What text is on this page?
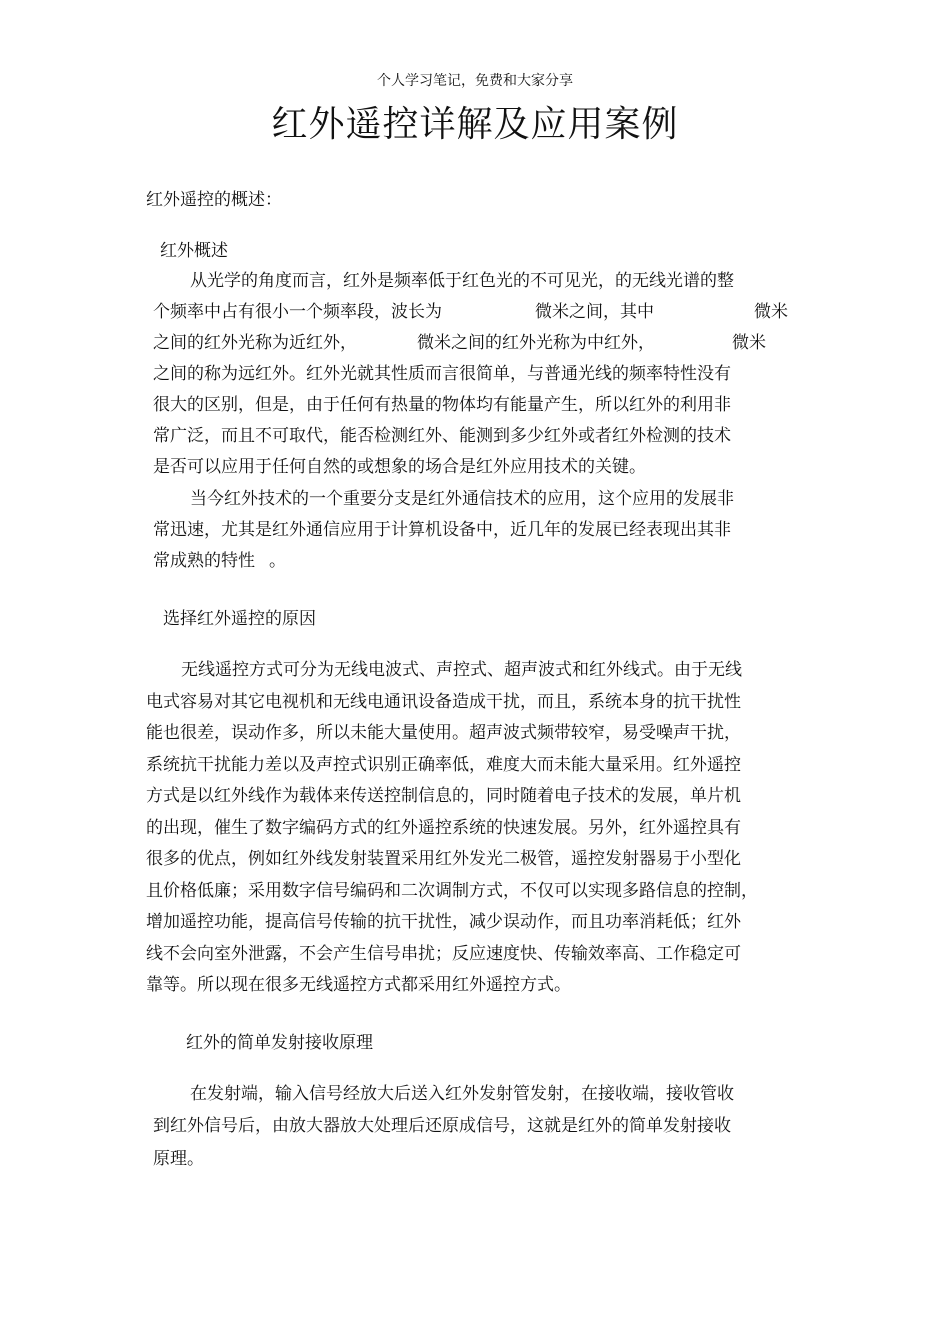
个人学习笔记，免费和大家分享
红外遥控详解及应用案例
红外遥控的概述：
红外概述
从光学的角度而言，红外是频率低于红色光的不可见光，的无线光谱的整
个频率中占有很小一个频率段，波长为	微米之间，其中	微米
之间的红外光称为近红外，	微米之间的红外光称为中红外，	微米
之间的称为远红外。红外光就其性质而言很简单，与普通光线的频率特性没有
很大的区别，但是，由于任何有热量的物体均有能量产生，所以红外的利用非
常广泛，而且不可取代，能否检测红外、能测到多少红外或者红外检测的技术
是否可以应用于任何自然的或想象的场合是红外应用技术的关键。
当今红外技术的一个重要分支是红外通信技术的应用，这个应用的发展非
常迅速，尤其是红外通信应用于计算机设备中，近几年的发展已经表现出其非
常成熟的特性 。
选择红外遥控的原因
无线遥控方式可分为无线电波式、声控式、超声波式和红外线式。由于无线
电式容易对其它电视机和无线电通讯设备造成干扰，而且，系统本身的抗干扰性
能也很差，误动作多，所以未能大量使用。超声波式频带较窄，易受噪声干扰，
系统抗干扰能力差以及声控式识别正确率低，难度大而未能大量采用。红外遥控
方式是以红外线作为载体来传送控制信息的，同时随着电子技术的发展，单片机
的出现，催生了数字编码方式的红外遥控系统的快速发展。另外，红外遥控具有
很多的优点，例如红外线发射装置采用红外发光二极管，遥控发射器易于小型化
且价格低廉；采用数字信号编码和二次调制方式，不仅可以实现多路信息的控制，
增加遥控功能，提高信号传输的抗干扰性，减少误动作，而且功率消耗低；红外
线不会向室外泄露，不会产生信号串扰；反应速度快、传输效率高、工作稳定可
靠等。所以现在很多无线遥控方式都采用红外遥控方式。
红外的简单发射接收原理
在发射端，输入信号经放大后送入红外发射管发射，在接收端，接收管收
到红外信号后，由放大器放大处理后还原成信号，这就是红外的简单发射接收
原理。
